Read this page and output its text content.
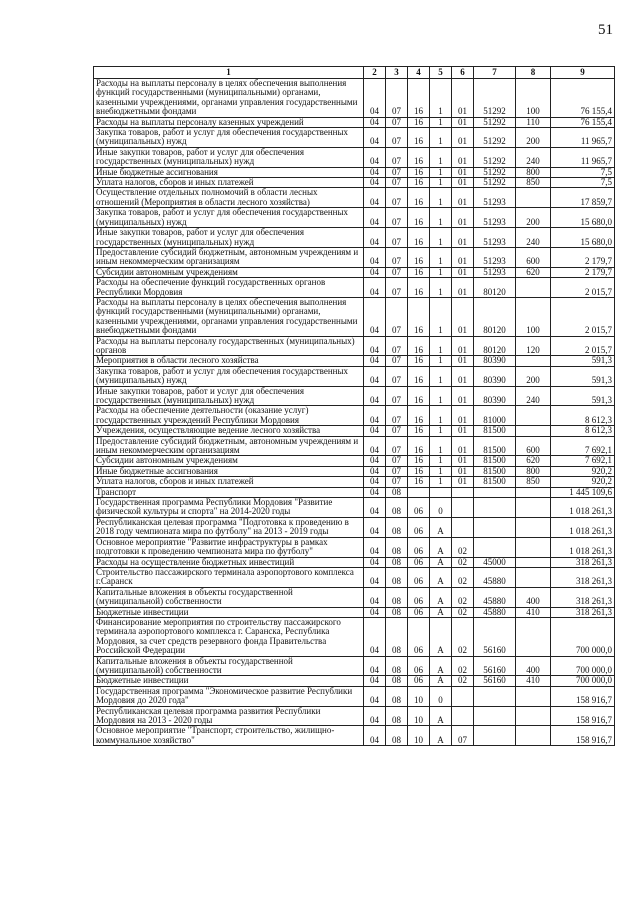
51
1	2	3	4	5	6	7	8	9
Расходы на выплаты персоналу в целях обеспечения выполнения функций государственными (муниципальными) органами, казенными учреждениями, органами управления государственными внебюджетными фондами	04	07	16	1	01	51292	100	76 155,4
Расходы на выплаты персоналу казенных учреждений	04	07	16	1	01	51292	110	76 155,4
Закупка товаров, работ и услуг для обеспечения государственных (муниципальных) нужд	04	07	16	1	01	51292	200	11 965,7
Иные закупки товаров, работ и услуг для обеспечения государственных (муниципальных) нужд	04	07	16	1	01	51292	240	11 965,7
Иные бюджетные ассигнования	04	07	16	1	01	51292	800	7,5
Уплата налогов, сборов и иных платежей	04	07	16	1	01	51292	850	7,5
Осуществление отдельных полномочий в области лесных отношений (Мероприятия в области лесного хозяйства)	04	07	16	1	01	51293		17 859,7
Закупка товаров, работ и услуг для обеспечения государственных (муниципальных) нужд	04	07	16	1	01	51293	200	15 680,0
Иные закупки товаров, работ и услуг для обеспечения государственных (муниципальных) нужд	04	07	16	1	01	51293	240	15 680,0
Предоставление субсидий бюджетным, автономным учреждениям и иным некоммерческим организациям	04	07	16	1	01	51293	600	2 179,7
Субсидии автономным учреждениям	04	07	16	1	01	51293	620	2 179,7
Расходы на обеспечение функций государственных органов Республики Мордовия	04	07	16	1	01	80120		2 015,7
Расходы на выплаты персоналу в целях обеспечения выполнения функций государственными (муниципальными) органами, казенными учреждениями, органами управления государственными внебюджетными фондами	04	07	16	1	01	80120	100	2 015,7
Расходы на выплаты персоналу государственных (муниципальных) органов	04	07	16	1	01	80120	120	2 015,7
Мероприятия в области лесного хозяйства	04	07	16	1	01	80390		591,3
Закупка товаров, работ и услуг для обеспечения государственных (муниципальных) нужд	04	07	16	1	01	80390	200	591,3
Иные закупки товаров, работ и услуг для обеспечения государственных (муниципальных) нужд	04	07	16	1	01	80390	240	591,3
Расходы на обеспечение деятельности (оказание услуг) государственных учреждений Республики Мордовия	04	07	16	1	01	81000		8 612,3
Учреждения, осуществляющие ведение лесного хозяйства	04	07	16	1	01	81500		8 612,3
Предоставление субсидий бюджетным, автономным учреждениям и иным некоммерческим организациям	04	07	16	1	01	81500	600	7 692,1
Субсидии автономным учреждениям	04	07	16	1	01	81500	620	7 692,1
Иные бюджетные ассигнования	04	07	16	1	01	81500	800	920,2
Уплата налогов, сборов и иных платежей	04	07	16	1	01	81500	850	920,2
Транспорт	04	08						1 445 109,6
Государственная программа Республики Мордовия "Развитие физической культуры и спорта" на 2014-2020 годы	04	08	06	0				1 018 261,3
Республиканская целевая программа "Подготовка к проведению в 2018 году чемпионата мира по футболу" на 2013 - 2019 годы	04	08	06	А				1 018 261,3
Основное мероприятие "Развитие инфраструктуры в рамках подготовки к проведению чемпионата мира по футболу"	04	08	06	А	02			1 018 261,3
Расходы на осуществление бюджетных инвестиций	04	08	06	А	02	45000		318 261,3
Строительство пассажирского терминала аэропортового комплекса г.Саранск	04	08	06	А	02	45880		318 261,3
Капитальные вложения в объекты государственной (муниципальной) собственности	04	08	06	А	02	45880	400	318 261,3
Бюджетные инвестиции	04	08	06	А	02	45880	410	318 261,3
Финансирование мероприятия по строительству пассажирского терминала аэропортового комплекса г. Саранска, Республика Мордовия, за счет средств резервного фонда Правительства Российской Федерации	04	08	06	А	02	56160		700 000,0
Капитальные вложения в объекты государственной (муниципальной) собственности	04	08	06	А	02	56160	400	700 000,0
Бюджетные инвестиции	04	08	06	А	02	56160	410	700 000,0
Государственная программа "Экономическое развитие Республики Мордовия до 2020 года"	04	08	10	0				158 916,7
Республиканская целевая программа развития Республики Мордовия на 2013 - 2020 годы	04	08	10	А				158 916,7
Основное мероприятие "Транспорт, строительство, жилищно-коммунальное хозяйство"	04	08	10	А	07			158 916,7
